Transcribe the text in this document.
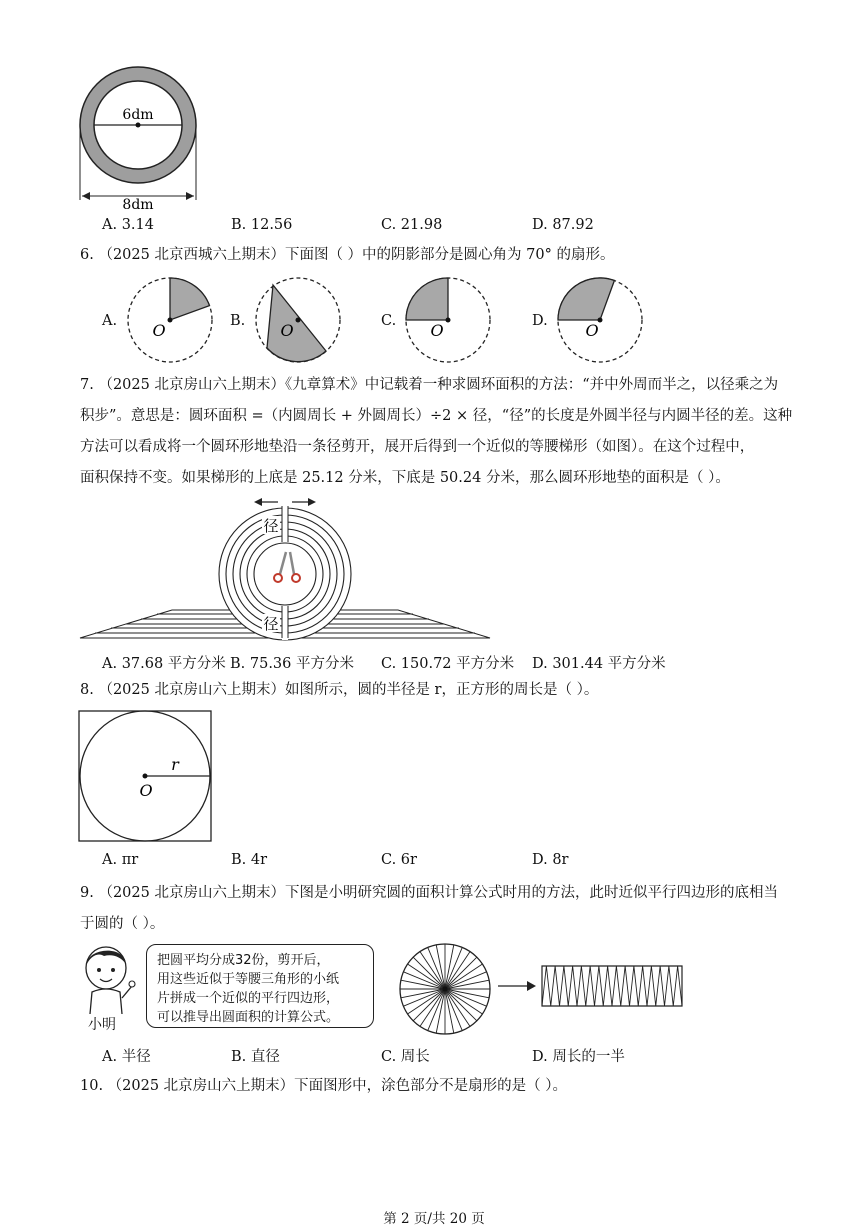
6dm
8dm
A. 3.14	B. 12.56	C. 21.98	D. 87.92
6. （2025 北京西城六上期末）下面图（ ）中的阴影部分是圆心角为 70° 的扇形。
A. O	B. O	C. O	D. O
7. （2025 北京房山六上期末）《九章算术》中记载着一种求圆环面积的方法：“并中外周而半之，以径乘之为
积步”。意思是：圆环面积 =（内圆周长 + 外圆周长）÷2 × 径，“径”的长度是外圆半径与内圆半径的差。这种
方法可以看成将一个圆环形地垫沿一条径剪开，展开后得到一个近似的等腰梯形（如图）。在这个过程中，
面积保持不变。如果梯形的上底是 25.12 分米，下底是 50.24 分米，那么圆环形地垫的面积是（ ）。
径
径
A. 37.68 平方分米 B. 75.36 平方分米 C. 150.72 平方分米 D. 301.44 平方分米
8. （2025 北京房山六上期末）如图所示，圆的半径是 r，正方形的周长是（ ）。
r
O
A. πr	B. 4r	C. 6r	D. 8r
9. （2025 北京房山六上期末）下图是小明研究圆的面积计算公式时用的方法，此时近似平行四边形的底相当
于圆的（ ）。
小明
把圆平均分成32份，剪开后，
用这些近似于等腰三角形的小纸
片拼成一个近似的平行四边形，
可以推导出圆面积的计算公式。
A. 半径	B. 直径	C. 周长	D. 周长的一半
10. （2025 北京房山六上期末）下面图形中，涂色部分不是扇形的是（ ）。
第 2 页/共 20 页
